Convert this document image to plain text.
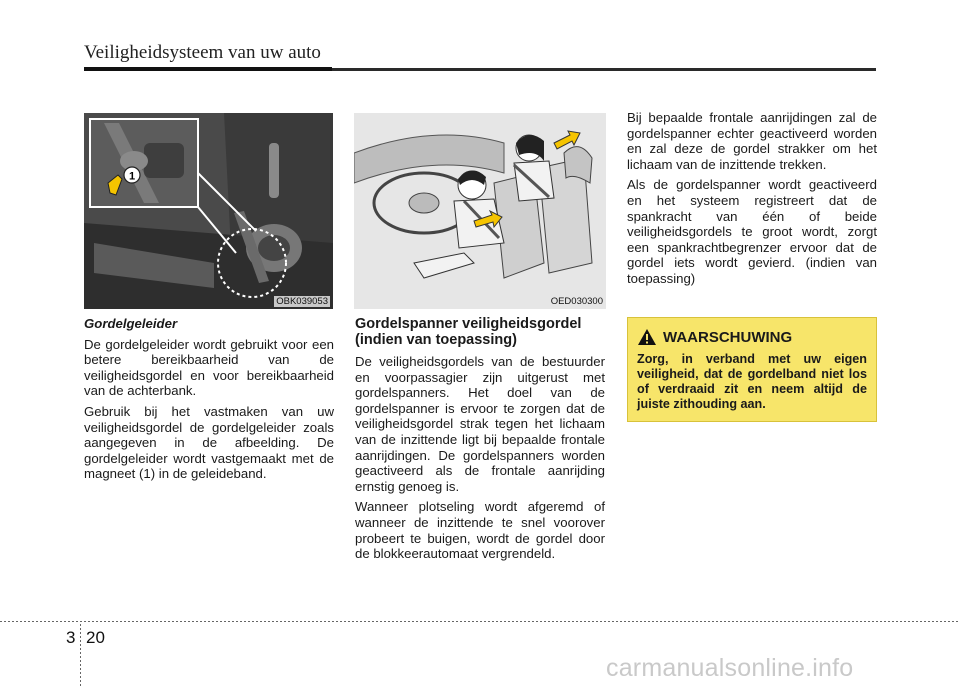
Veiligheidsysteem van uw auto
1
OBK039053	OED030300

Gordelgeleider

De gordelgeleider wordt gebruikt voor een betere bereikbaarheid van de veiligheidsgordel en voor bereikbaarheid van de achterbank.

Gebruik bij het vastmaken van uw veiligheidsgordel de gordelgeleider zoals aangegeven in de afbeelding. De gordelgeleider wordt vastgemaakt met de magneet (1) in de geleideband.

Gordelspanner veiligheidsgordel (indien van toepassing)

De veiligheidsgordels van de bestuurder en voorpassagier zijn uitgerust met gordelspanners. Het doel van de gordelspanner is ervoor te zorgen dat de veiligheidsgordel strak tegen het lichaam van de inzittende ligt bij bepaalde frontale aanrijdingen. De gordelspanners worden geactiveerd als de frontale aanrijding ernstig genoeg is.

Wanneer plotseling wordt afgeremd of wanneer de inzittende te snel voorover probeert te buigen, wordt de gordel door de blokkeerautomaat vergrendeld.

Bij bepaalde frontale aanrijdingen zal de gordelspanner echter geactiveerd worden en zal deze de gordel strakker om het lichaam van de inzittende trekken.

Als de gordelspanner wordt geactiveerd en het systeem registreert dat de spankracht van één of beide veiligheidsgordels te groot wordt, zorgt een spankrachtbegrenzer ervoor dat de gordel iets wordt gevierd. (indien van toepassing)

WAARSCHUWING
Zorg, in verband met uw eigen veiligheid, dat de gordelband niet los of verdraaid zit en neem altijd de juiste zithouding aan.
3 20
carmanualsonline.info
